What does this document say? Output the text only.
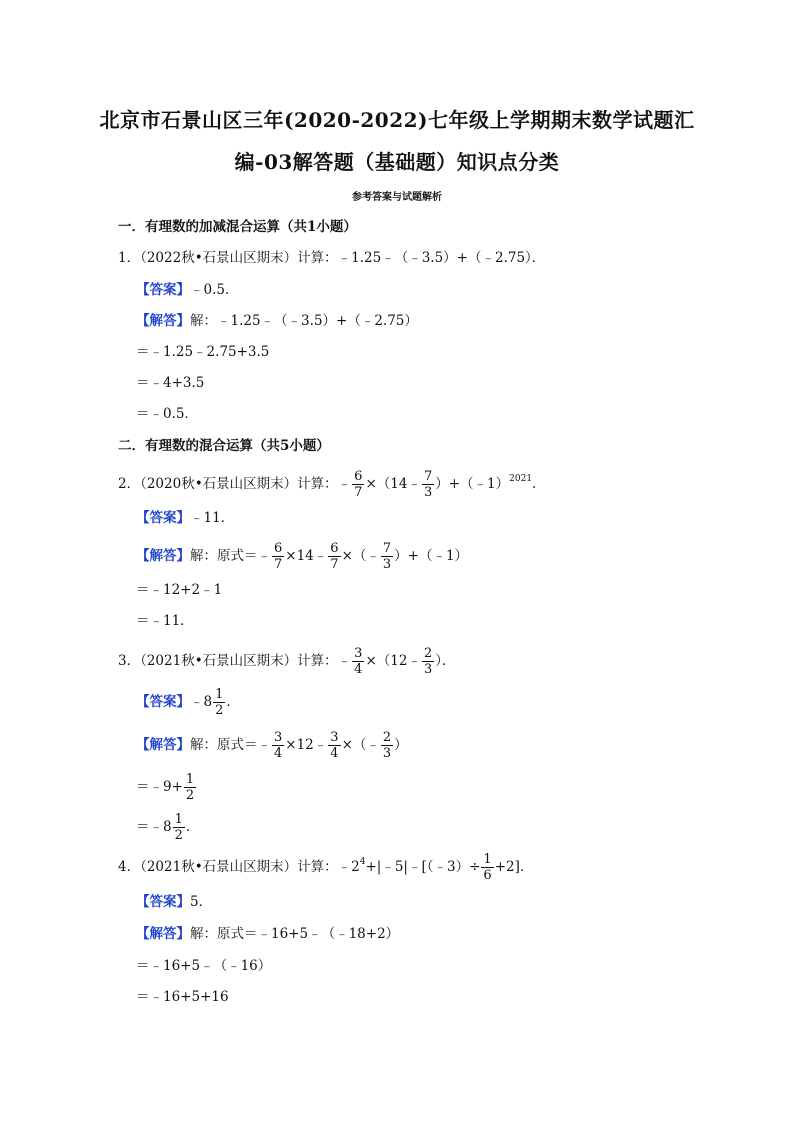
北京市石景山区三年(2020-2022)七年级上学期期末数学试题汇
编-03解答题（基础题）知识点分类
参考答案与试题解析
一．有理数的加减混合运算（共1小题）
1．（2022秋•石景山区期末）计算：﹣1.25﹣（﹣3.5）+（﹣2.75）．
【答案】﹣0.5．
【解答】解：﹣1.25﹣（﹣3.5）+（﹣2.75）
＝﹣1.25﹣2.75+3.5
＝﹣4+3.5
＝﹣0.5．
二．有理数的混合运算（共5小题）
2．（2020秋•石景山区期末）计算：﹣ $\frac{6}{7}$ ×（14﹣ $\frac{7}{3}$ ）+（﹣1）$^{2021}$．
【答案】﹣11．
【解答】解：原式＝﹣ $\frac{6}{7}$ ×14﹣ $\frac{6}{7}$ ×（﹣ $\frac{7}{3}$ ）+（﹣1）
＝﹣12+2﹣1
＝﹣11．
3．（2021秋•石景山区期末）计算：﹣ $\frac{3}{4}$ ×（12﹣ $\frac{2}{3}$ ）．
【答案】﹣8 $\frac{1}{2}$ ．
【解答】解：原式＝﹣ $\frac{3}{4}$ ×12﹣ $\frac{3}{4}$ ×（﹣ $\frac{2}{3}$ ）
＝﹣9+ $\frac{1}{2}$
＝﹣8 $\frac{1}{2}$ ．
4．（2021秋•石景山区期末）计算：$﹣2^4+|﹣5|﹣[(﹣3)\div \frac{1}{6} +2]$．
【答案】5．
【解答】解：原式＝﹣16+5﹣（﹣18+2）
＝﹣16+5﹣（﹣16）
＝﹣16+5+16
